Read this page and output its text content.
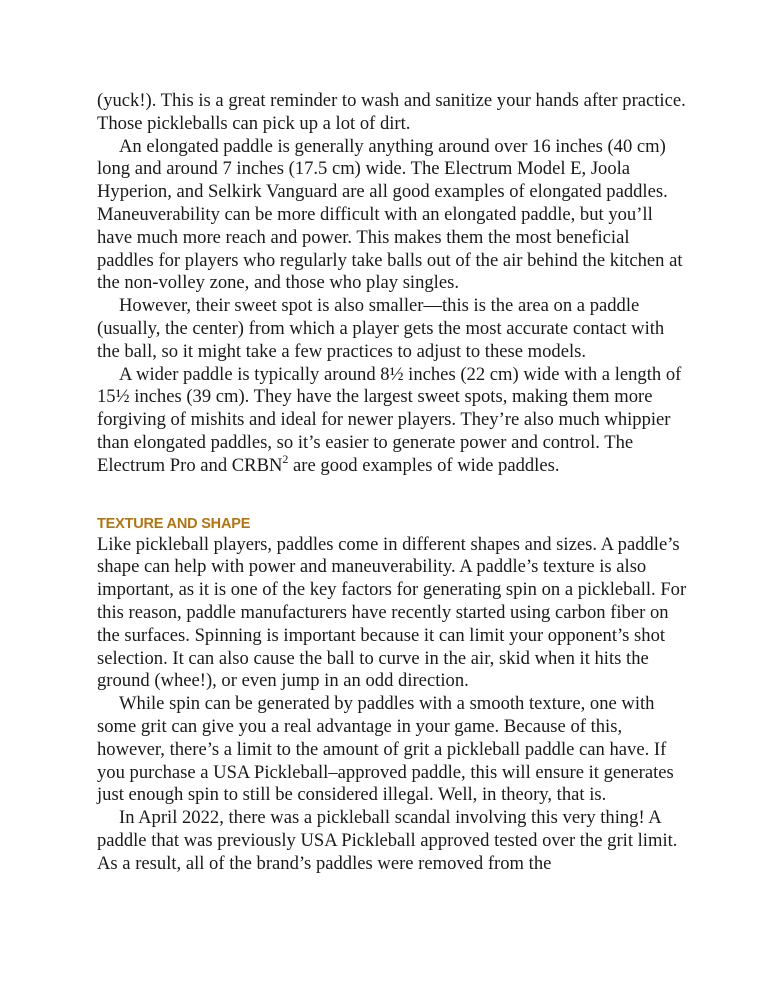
(yuck!). This is a great reminder to wash and sanitize your hands after practice. Those pickleballs can pick up a lot of dirt.

An elongated paddle is generally anything around over 16 inches (40 cm) long and around 7 inches (17.5 cm) wide. The Electrum Model E, Joola Hyperion, and Selkirk Vanguard are all good examples of elongated paddles. Maneuverability can be more difficult with an elongated paddle, but you’ll have much more reach and power. This makes them the most beneficial paddles for players who regularly take balls out of the air behind the kitchen at the non-volley zone, and those who play singles.

However, their sweet spot is also smaller—this is the area on a paddle (usually, the center) from which a player gets the most accurate contact with the ball, so it might take a few practices to adjust to these models.

A wider paddle is typically around 8½ inches (22 cm) wide with a length of 15½ inches (39 cm). They have the largest sweet spots, making them more forgiving of mishits and ideal for newer players. They’re also much whippier than elongated paddles, so it’s easier to generate power and control. The Electrum Pro and CRBN$^2$ are good examples of wide paddles.

TEXTURE AND SHAPE

Like pickleball players, paddles come in different shapes and sizes. A paddle’s shape can help with power and maneuverability. A paddle’s texture is also important, as it is one of the key factors for generating spin on a pickleball. For this reason, paddle manufacturers have recently started using carbon fiber on the surfaces. Spinning is important because it can limit your opponent’s shot selection. It can also cause the ball to curve in the air, skid when it hits the ground (whee!), or even jump in an odd direction.

While spin can be generated by paddles with a smooth texture, one with some grit can give you a real advantage in your game. Because of this, however, there’s a limit to the amount of grit a pickleball paddle can have. If you purchase a USA Pickleball–approved paddle, this will ensure it generates just enough spin to still be considered illegal. Well, in theory, that is.

In April 2022, there was a pickleball scandal involving this very thing! A paddle that was previously USA Pickleball approved tested over the grit limit. As a result, all of the brand’s paddles were removed from the
